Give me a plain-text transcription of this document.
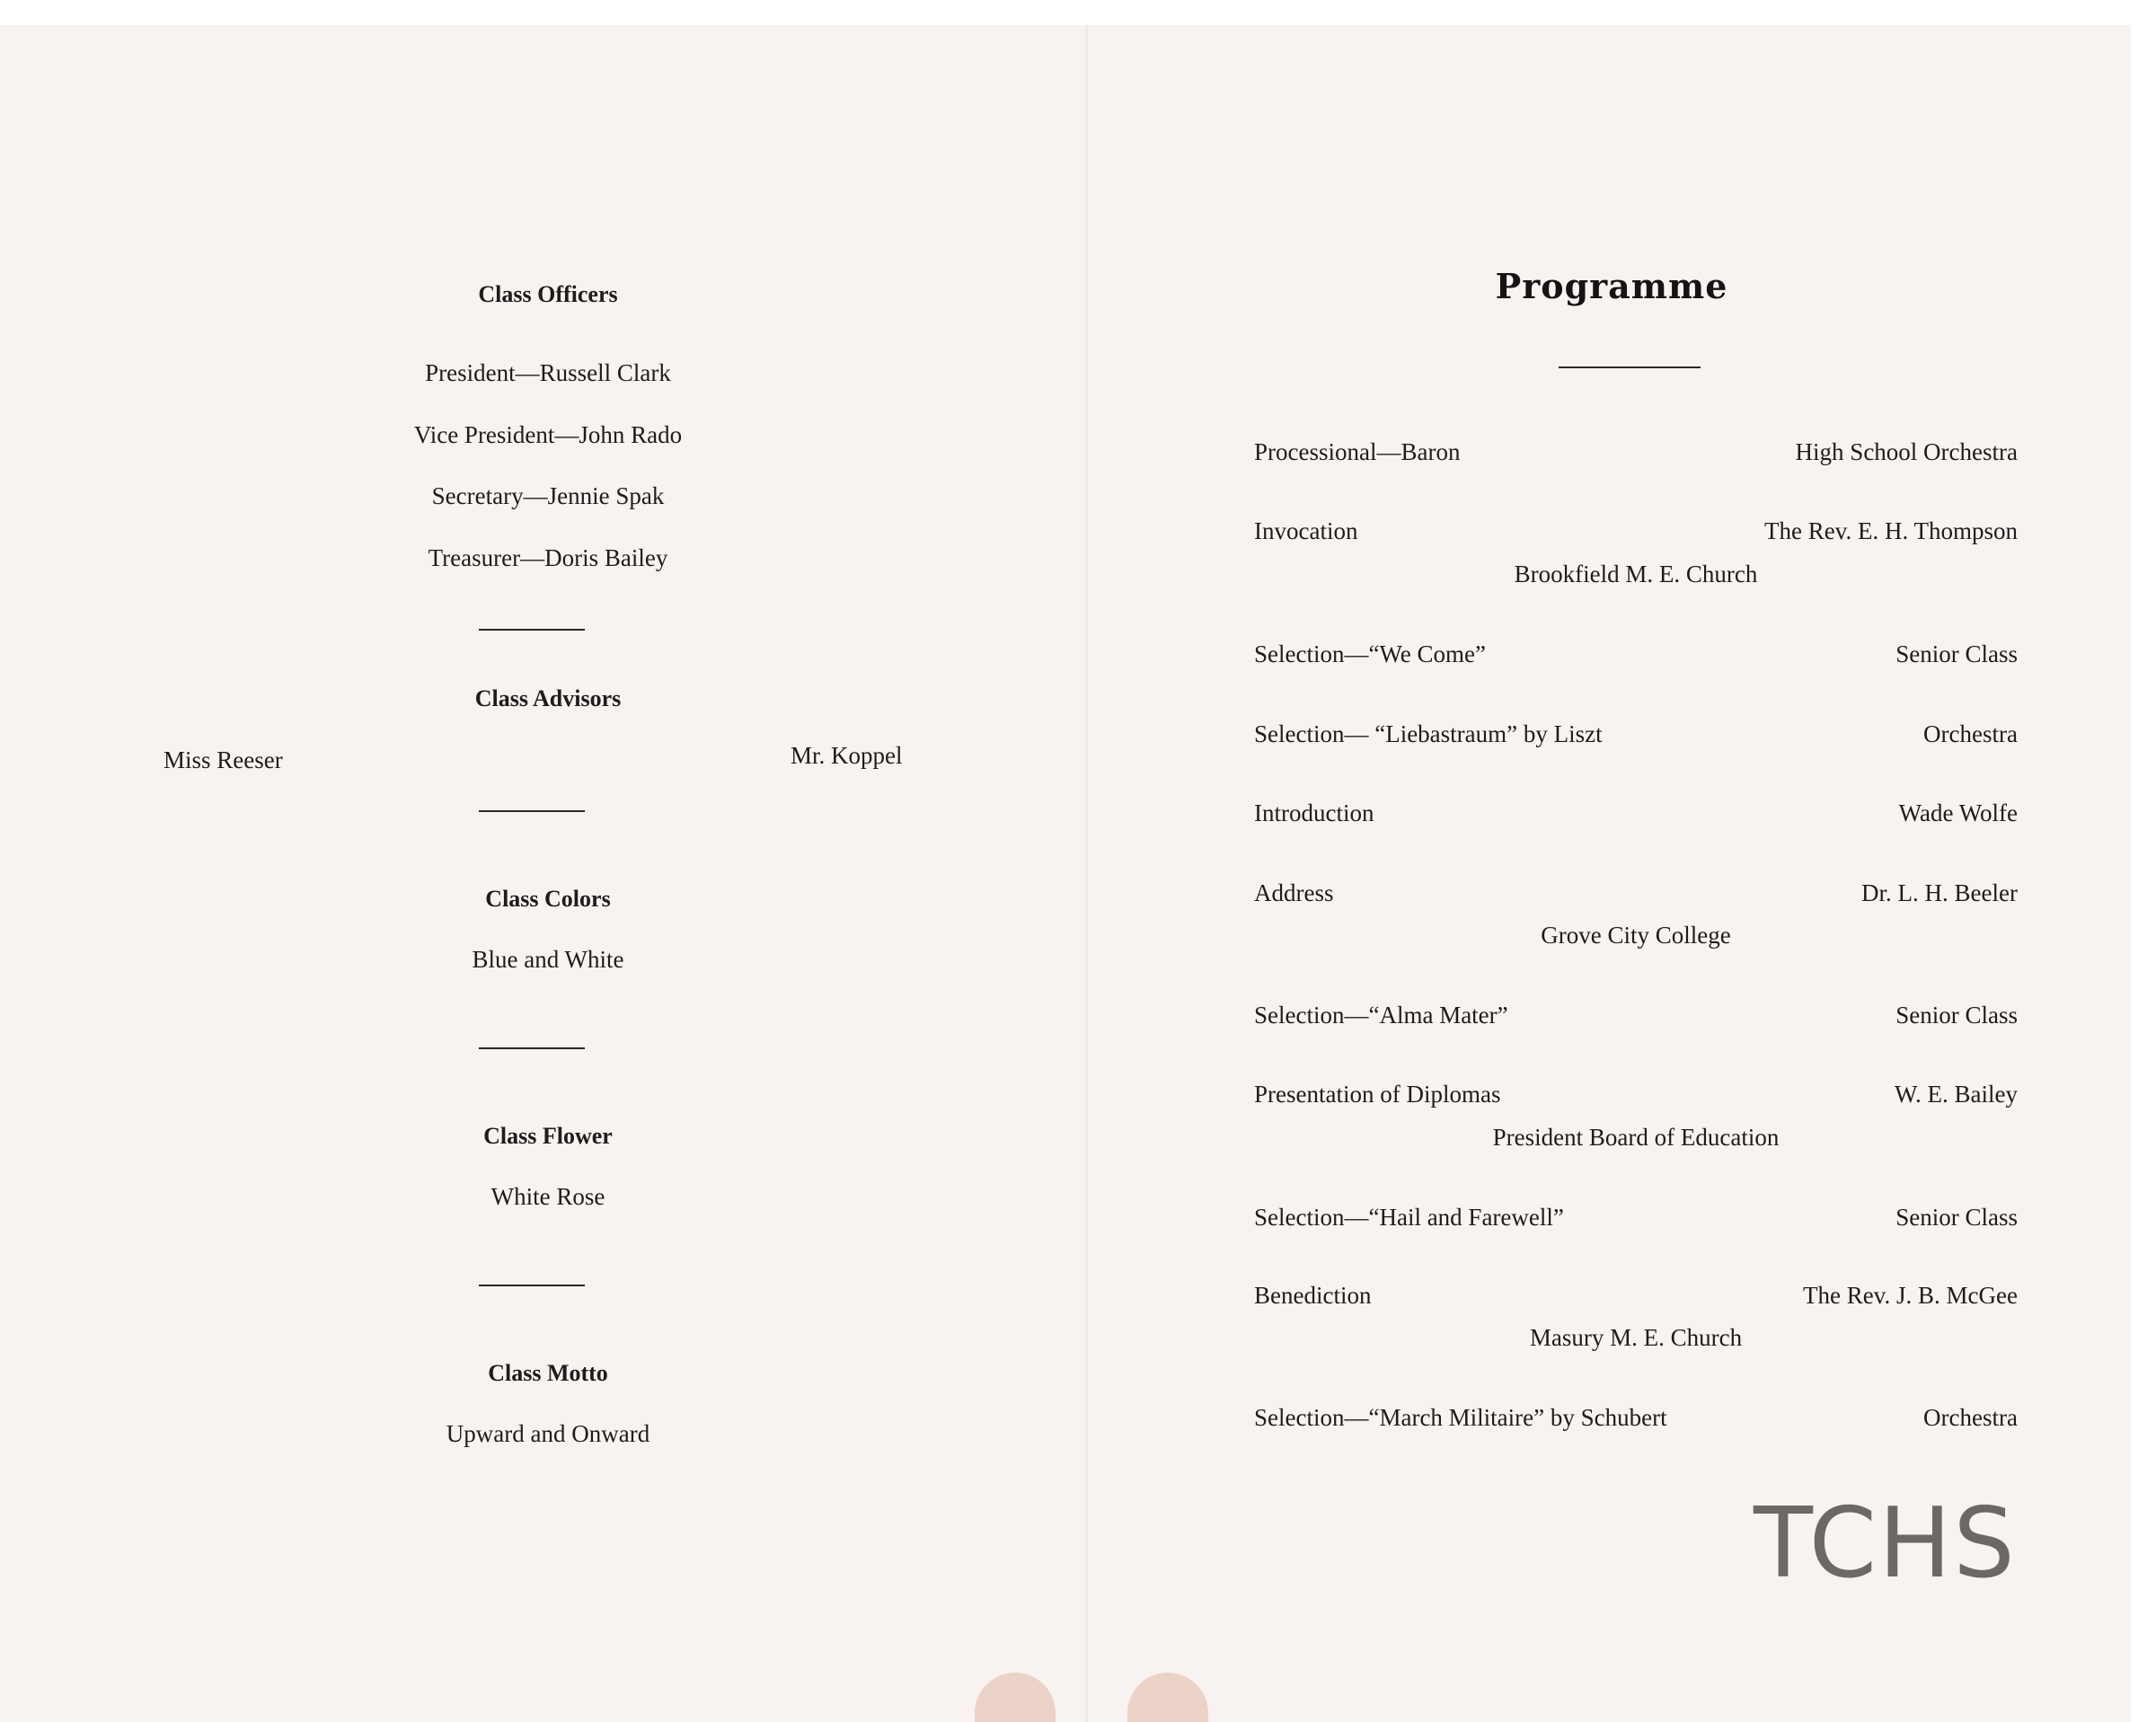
Class Officers
President—Russell Clark
Vice President—John Rado
Secretary—Jennie Spak
Treasurer—Doris Bailey
Class Advisors
Miss Reeser	Mr. Koppel
Class Colors
Blue and White
Class Flower
White Rose
Class Motto
Upward and Onward
Programme
Processional—Baron	High School Orchestra
Invocation	The Rev. E. H. Thompson
Brookfield M. E. Church
Selection—“We Come”	Senior Class
Selection— “Liebastraum” by Liszt	Orchestra
Introduction	Wade Wolfe
Address	Dr. L. H. Beeler
Grove City College
Selection—“Alma Mater”	Senior Class
Presentation of Diplomas	W. E. Bailey
President Board of Education
Selection—“Hail and Farewell”	Senior Class
Benediction	The Rev. J. B. McGee
Masury M. E. Church
Selection—“March Militaire” by Schubert	Orchestra
TCHS
